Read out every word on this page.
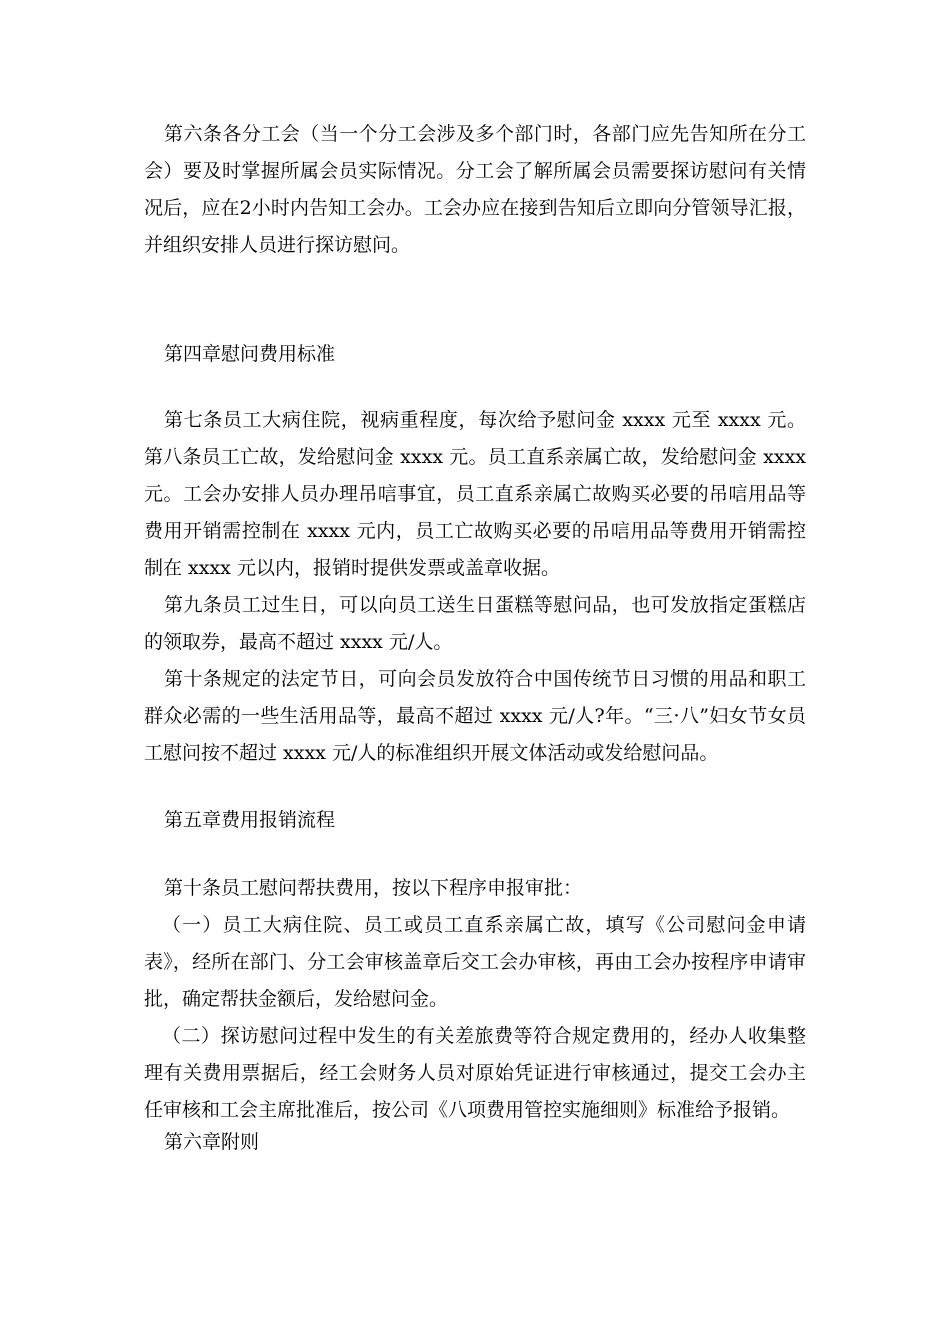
第六条各分工会（当一个分工会涉及多个部门时，各部门应先告知所在分工会）要及时掌握所属会员实际情况。分工会了解所属会员需要探访慰问有关情况后，应在2小时内告知工会办。工会办应在接到告知后立即向分管领导汇报，并组织安排人员进行探访慰问。

第四章慰问费用标准

第七条员工大病住院，视病重程度，每次给予慰问金 xxxx 元至 xxxx 元。 第八条员工亡故，发给慰问金 xxxx 元。员工直系亲属亡故，发给慰问金 xxxx 元。工会办安排人员办理吊唁事宜，员工直系亲属亡故购买必要的吊唁用品等费用开销需控制在 xxxx 元内，员工亡故购买必要的吊唁用品等费用开销需控制在 xxxx 元以内，报销时提供发票或盖章收据。

第九条员工过生日，可以向员工送生日蛋糕等慰问品，也可发放指定蛋糕店的领取券，最高不超过 xxxx 元/人。

第十条规定的法定节日，可向会员发放符合中国传统节日习惯的用品和职工群众必需的一些生活用品等，最高不超过 xxxx 元/人?年。“三·八”妇女节女员工慰问按不超过 xxxx 元/人的标准组织开展文体活动或发给慰问品。

第五章费用报销流程

第十条员工慰问帮扶费用，按以下程序申报审批：

（一）员工大病住院、员工或员工直系亲属亡故，填写《公司慰问金申请表》，经所在部门、分工会审核盖章后交工会办审核，再由工会办按程序申请审批，确定帮扶金额后，发给慰问金。

（二）探访慰问过程中发生的有关差旅费等符合规定费用的，经办人收集整理有关费用票据后，经工会财务人员对原始凭证进行审核通过，提交工会办主任审核和工会主席批准后，按公司《八项费用管控实施细则》标准给予报销。

第六章附则
